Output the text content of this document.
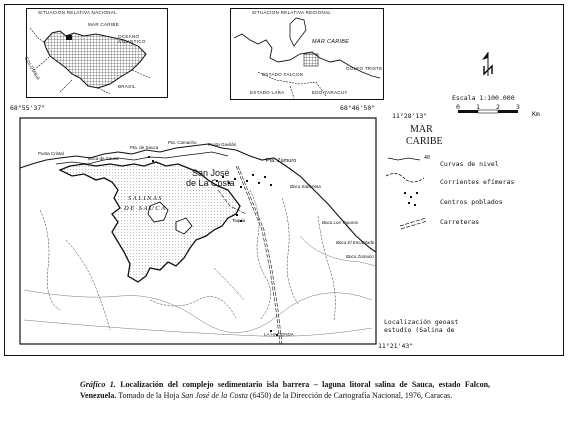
SITUACION RELATIVA NACIONAL
MAR CARIBE
OCEANO ATLANTICO
COLOMBIA
BRASIL
SITUACION RELATIVA REGIONAL
MAR CARIBE
ESTADO FALCON
GOLFO TRISTE
ESTADO LARA	EDO YARACUY
68°55'37"	68°46'50"
11°28'13"
11°21'43"
Escala 1:100.000
0 1 2 3
Km
MAR
CARIBE
40
Curvas de nivel
Corrientes efímeras
Centros poblados
Carreteras
Localización geoast
estudio (Salina de
Punta Cristal
Boca de Sauca
Pta. de Sauca
Pta. Camacho	Punta Gavilán
Pta. Zamuro
San José
de La Costa
SALINAS
DE SAUCA
Boca Sabaneta
Taquia	Boca Los Taparos
Boca El Encantado
Boca Zumuco
LA HACIENDA
Gráfico 1. Localización del complejo sedimentario isla barrera – laguna litoral salina de Sauca, estado Falcon, Venezuela. Tomado de la Hoja San José de la Costa (6450) de la Dirección de Cartografía Nacional, 1976, Caracas.
